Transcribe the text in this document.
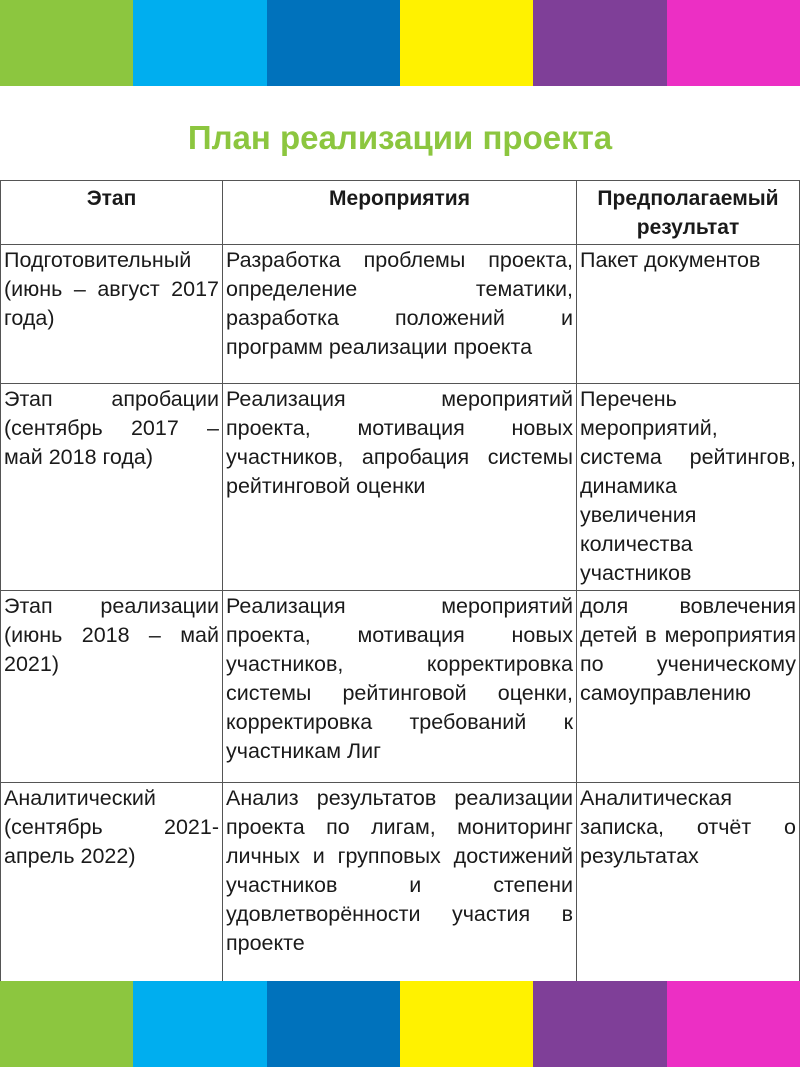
План реализации проекта
Этап	Мероприятия	Предполагаемый результат
Подготовительный (июнь – август 2017 года)	Разработка проблемы проекта, определение тематики, разработка положений и программ реализации проекта	Пакет документов
Этап апробации (сентябрь 2017 – май 2018 года)	Реализация мероприятий проекта, мотивация новых участников, апробация системы рейтинговой оценки	Перечень мероприятий, система рейтингов, динамика увеличения количества участников
Этап реализации (июнь 2018 – май 2021)	Реализация мероприятий проекта, мотивация новых участников, корректировка системы рейтинговой оценки, корректировка требований к участникам Лиг	доля вовлечения детей в мероприятия по ученическому самоуправлению
Аналитический (сентябрь 2021-апрель 2022)	Анализ результатов реализации проекта по лигам, мониторинг личных и групповых достижений участников и степени удовлетворённости участия в проекте	Аналитическая записка, отчёт о результатах
